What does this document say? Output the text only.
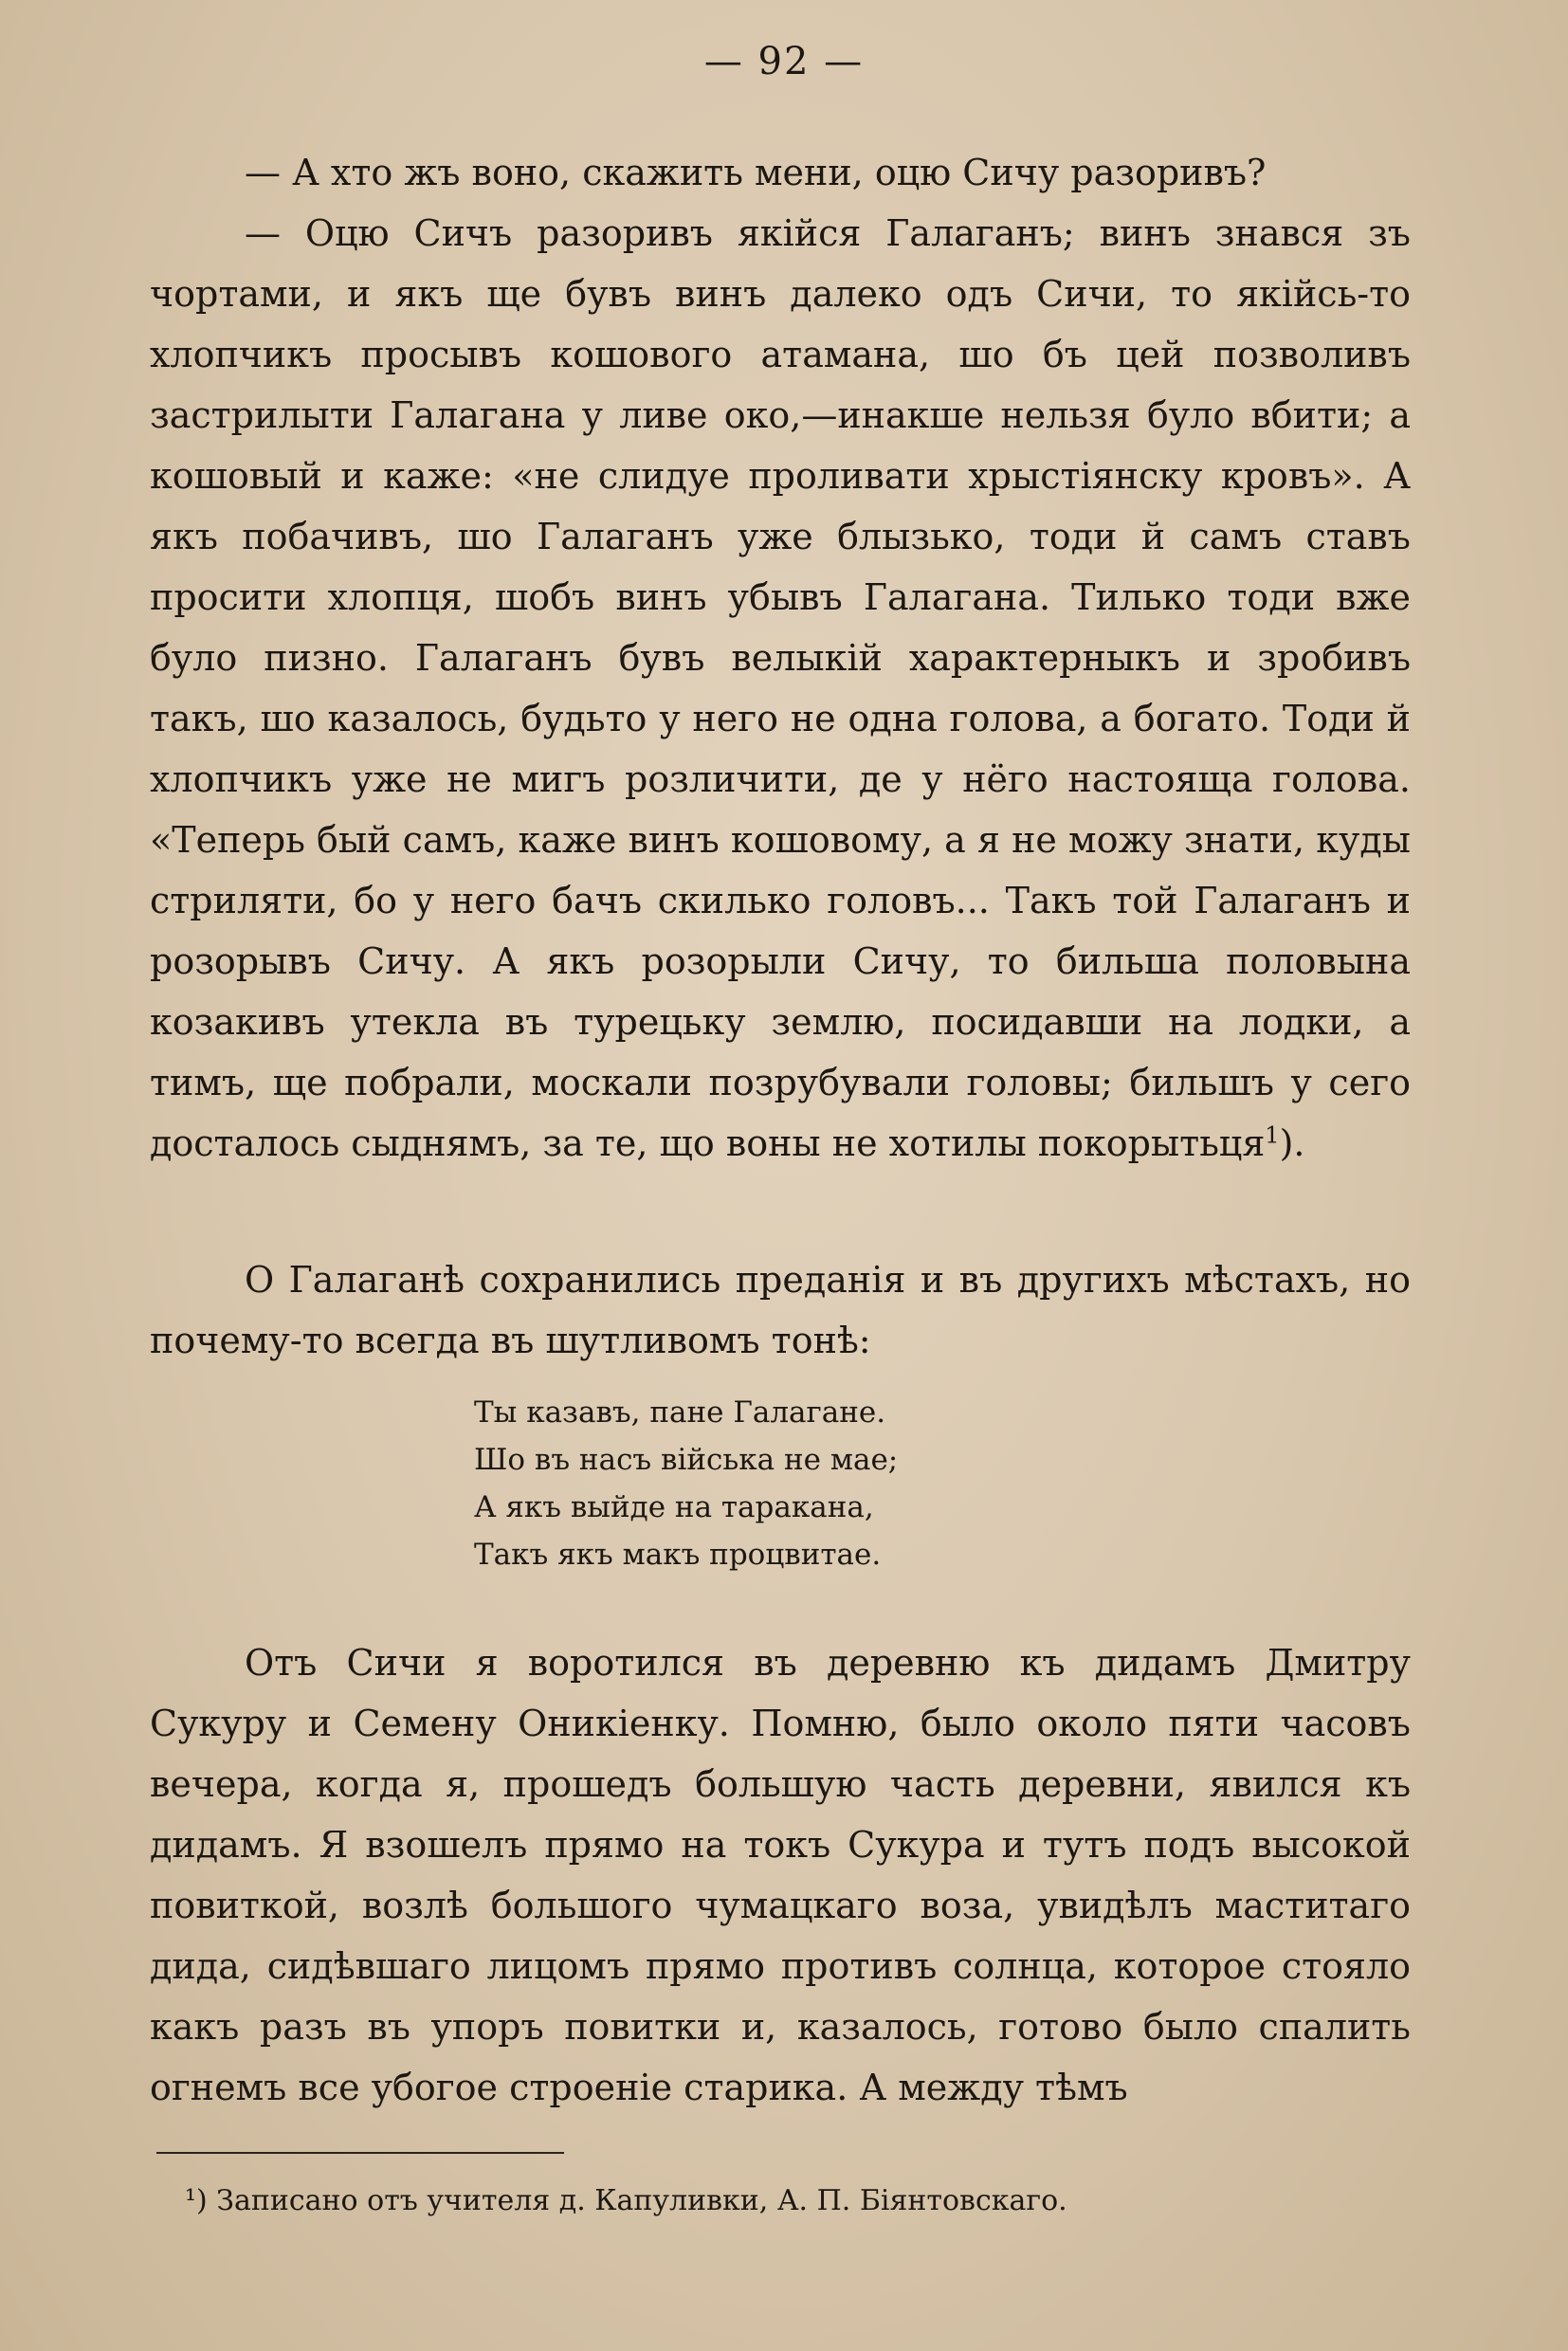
— 92 —

— А хто жъ воно, скажить мени, оцю Сичу разоривъ?

— Оцю Сичъ разоривъ якійся Галаганъ; винъ знався зъ чортами, и якъ ще бувъ винъ далеко одъ Сичи, то якійсь-то хлопчикъ просывъ кошового атамана, шо бъ цей позволивъ застрилыти Галагана у ливе око,—инакше нельзя було вбити; а кошовый и каже: «не слидуе проливати хрыстіянску кровъ». А якъ побачивъ, шо Галаганъ уже блызько, тоди й самъ ставъ просити хлопця, шобъ винъ убывъ Галагана. Тилько тоди вже було пизно. Галаганъ бувъ велыкій характерныкъ и зробивъ такъ, шо казалось, будьто у него не одна голова, а богато. Тоди й хлопчикъ уже не мигъ розличити, де у нёго настояща голова. «Теперь бый самъ, каже винъ кошовому, а я не можу знати, куды стриляти, бо у него бачъ скилько головъ... Такъ той Галаганъ и розорывъ Сичу. А якъ розорыли Сичу, то бильша половына козакивъ утекла въ турецьку землю, посидавши на лодки, а тимъ, ще побрали, москали позрубували головы; бильшъ у сего досталось сыднямъ, за те, що воны не хотилы покорытьця$^1$).

О Галаганѣ сохранились преданія и въ другихъ мѣстахъ, но почему-то всегда въ шутливомъ тонѣ:

Ты казавъ, пане Галагане.
Шо въ насъ війська не мае;
А якъ выйде на таракана,
Такъ якъ макъ процвитае.

Отъ Сичи я воротился въ деревню къ дидамъ Дмитру Сукуру и Семену Оникіенку. Помню, было около пяти часовъ вечера, когда я, прошедъ большую часть деревни, явился къ дидамъ. Я взошелъ прямо на токъ Сукура и тутъ подъ высокой повиткой, возлѣ большого чумацкаго воза, увидѣлъ маститаго дида, сидѣвшаго лицомъ прямо противъ солнца, которое стояло какъ разъ въ упоръ повитки и, казалось, готово было спалить огнемъ все убогое строеніе старика. А между тѣмъ

¹) Записано отъ учителя д. Капуливки, А. П. Біянтовскаго.
